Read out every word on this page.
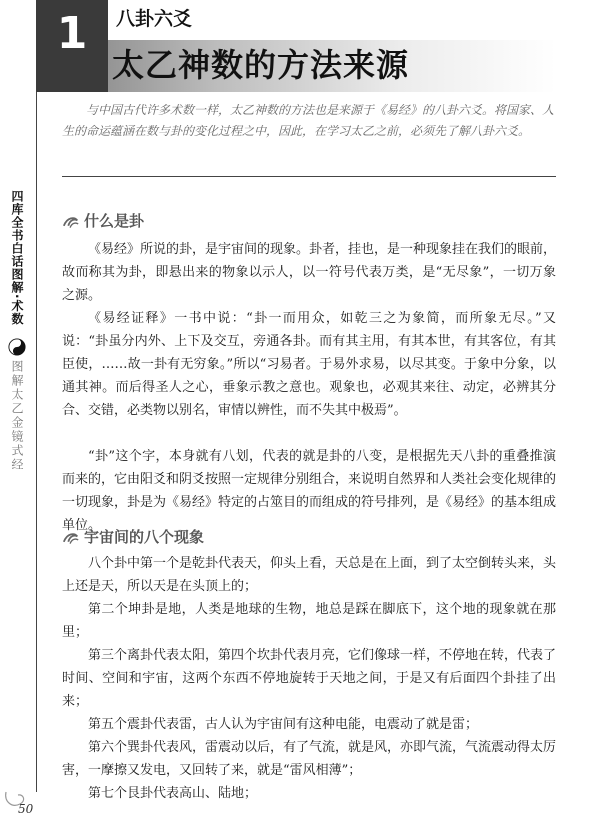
1	八卦六爻
太乙神数的方法来源
四库全书白话图解·术数
图解太乙金镜式经

与中国古代许多术数一样，太乙神数的方法也是来源于《易经》的八卦六爻。将国家、人生的命运蕴涵在数与卦的变化过程之中，因此，在学习太乙之前，必须先了解八卦六爻。

什么是卦

《易经》所说的卦，是宇宙间的现象。卦者，挂也，是一种现象挂在我们的眼前，故而称其为卦，即悬出来的物象以示人，以一符号代表万类，是“无尽象”，一切万象之源。

《易经证释》一书中说：“卦一而用众，如乾三之为象简，而所象无尽。”又说：“卦虽分内外、上下及交互，旁通各卦。而有其主用，有其本世，有其客位，有其臣使，……故一卦有无穷象。”所以“习易者。于易外求易，以尽其变。于象中分象，以通其神。而后得圣人之心，垂象示教之意也。观象也，必观其来往、动定，必辨其分合、交错，必类物以别名，审情以辨性，而不失其中极焉”。

“卦”这个字，本身就有八划，代表的就是卦的八变，是根据先天八卦的重叠推演而来的，它由阳爻和阴爻按照一定规律分别组合，来说明自然界和人类社会变化规律的一切现象，卦是为《易经》特定的占筮目的而组成的符号排列，是《易经》的基本组成单位。

宇宙间的八个现象

八个卦中第一个是乾卦代表天，仰头上看，天总是在上面，到了太空倒转头来，头上还是天，所以天是在头顶上的；

第二个坤卦是地，人类是地球的生物，地总是踩在脚底下，这个地的现象就在那里；

第三个离卦代表太阳，第四个坎卦代表月亮，它们像球一样，不停地在转，代表了时间、空间和宇宙，这两个东西不停地旋转于天地之间，于是又有后面四个卦挂了出来；

第五个震卦代表雷，古人认为宇宙间有这种电能，电震动了就是雷；

第六个巽卦代表风，雷震动以后，有了气流，就是风，亦即气流，气流震动得太厉害，一摩擦又发电，又回转了来，就是“雷风相薄”；

第七个艮卦代表高山、陆地；

50
